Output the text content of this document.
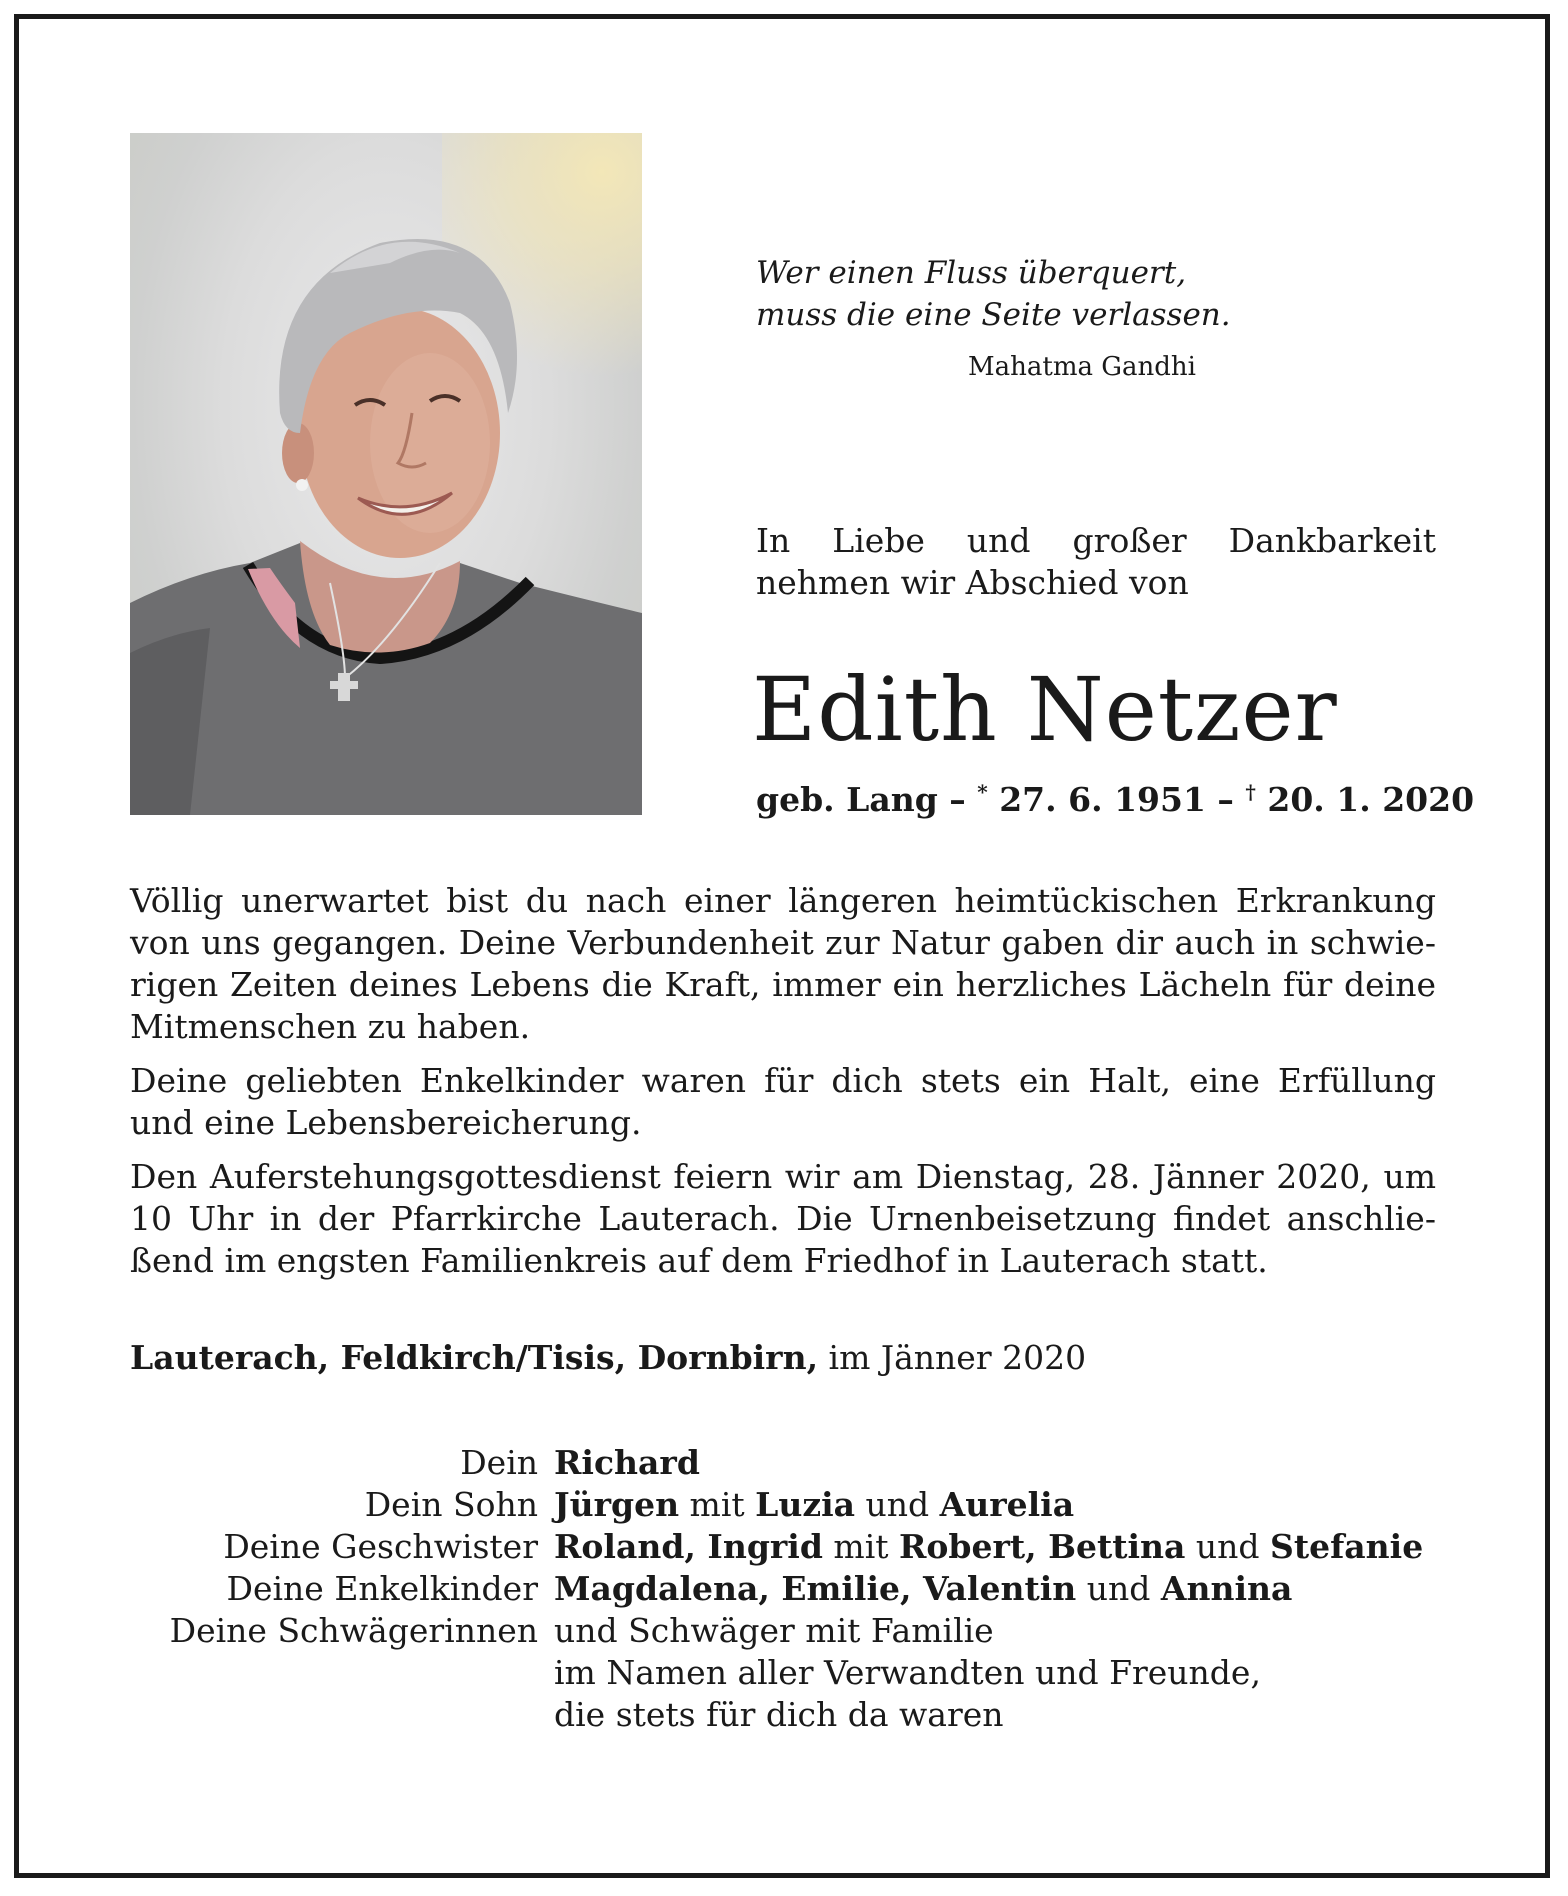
Wer einen Fluss überquert,
muss die eine Seite verlassen.
Mahatma Gandhi
In Liebe und großer Dankbarkeit
nehmen wir Abschied von
Edith Netzer
geb. Lang – * 27. 6. 1951 – † 20. 1. 2020

Völlig unerwartet bist du nach einer längeren heimtückischen Erkrankung
von uns gegangen. Deine Verbundenheit zur Natur gaben dir auch in schwie-
rigen Zeiten deines Lebens die Kraft, immer ein herzliches Lächeln für deine
Mitmenschen zu haben.

Deine geliebten Enkelkinder waren für dich stets ein Halt, eine Erfüllung
und eine Lebensbereicherung.

Den Auferstehungsgottesdienst feiern wir am Dienstag, 28. Jänner 2020, um
10 Uhr in der Pfarrkirche Lauterach. Die Urnenbeisetzung findet anschlie-
ßend im engsten Familienkreis auf dem Friedhof in Lauterach statt.

Lauterach, Feldkirch/Tisis, Dornbirn, im Jänner 2020
Dein Richard
Dein Sohn Jürgen mit Luzia und Aurelia
Deine Geschwister Roland, Ingrid mit Robert, Bettina und Stefanie
Deine Enkelkinder Magdalena, Emilie, Valentin und Annina
Deine Schwägerinnen und Schwäger mit Familie
im Namen aller Verwandten und Freunde,
die stets für dich da waren
